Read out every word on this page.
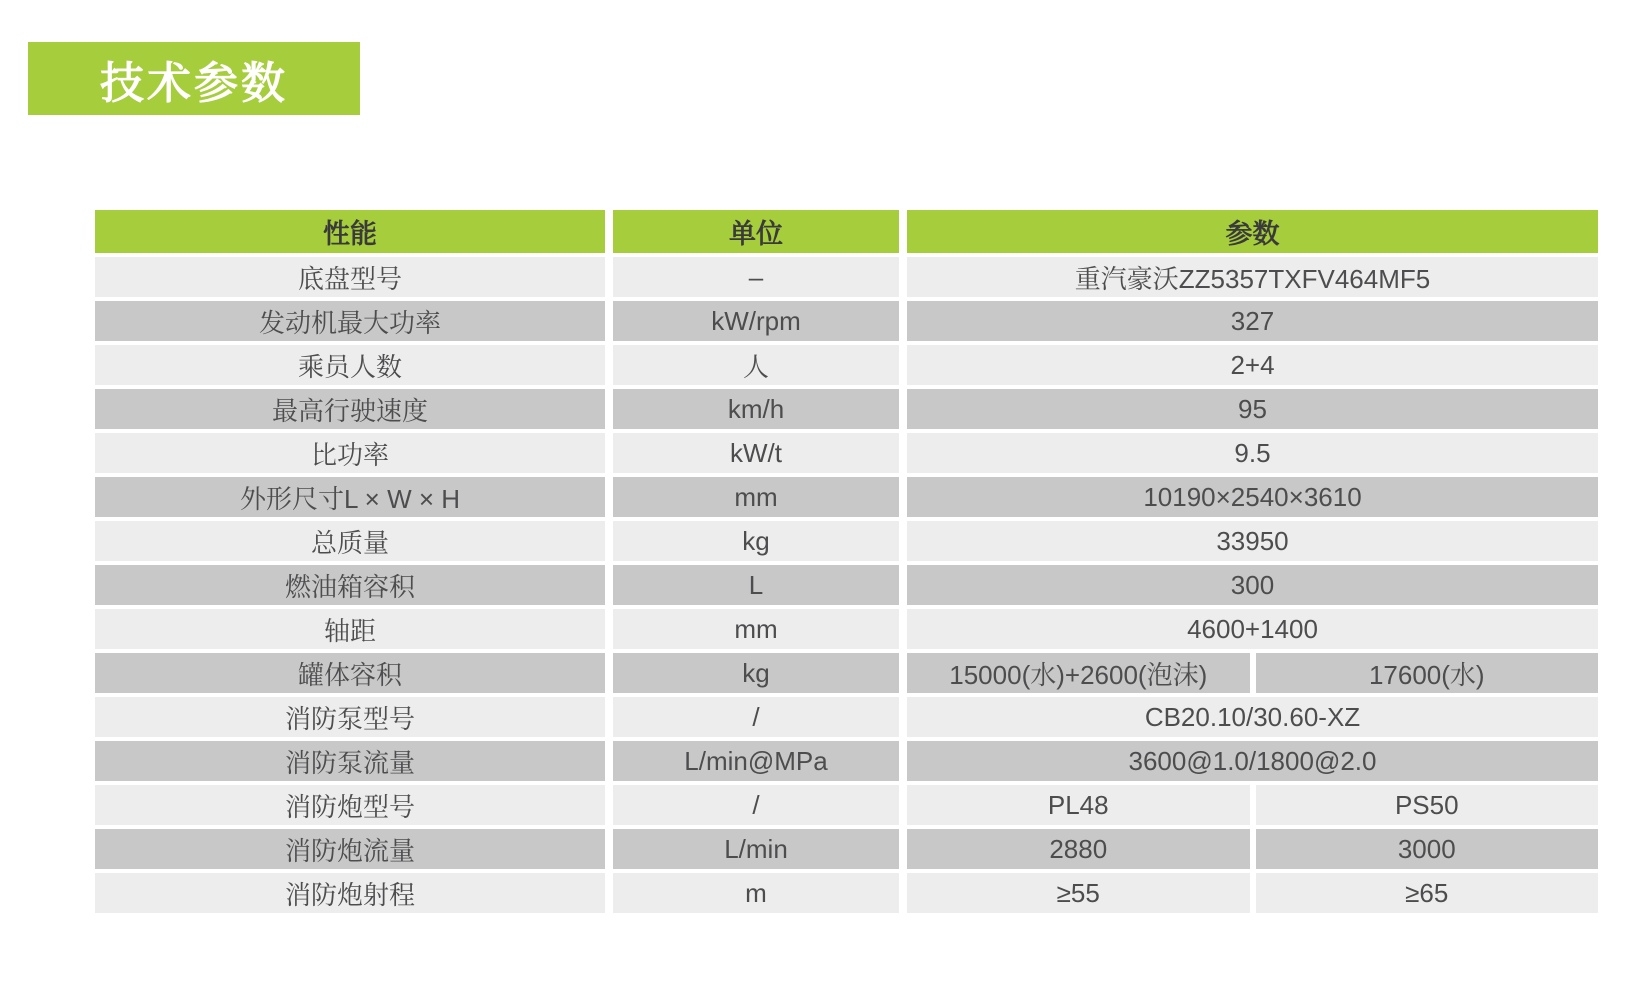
技术参数
性能	单位	参数
底盘型号	–	重汽豪沃ZZ5357TXFV464MF5
发动机最大功率	kW/rpm	327
乘员人数	人	2+4
最高行驶速度	km/h	95
比功率	kW/t	9.5
外形尺寸L × W × H	mm	10190×2540×3610
总质量	kg	33950
燃油箱容积	L	300
轴距	mm	4600+1400
罐体容积	kg	15000(水)+2600(泡沫)	17600(水)
消防泵型号	/	CB20.10/30.60-XZ
消防泵流量	L/min@MPa	3600@1.0/1800@2.0
消防炮型号	/	PL48	PS50
消防炮流量	L/min	2880	3000
消防炮射程	m	≥55	≥65
